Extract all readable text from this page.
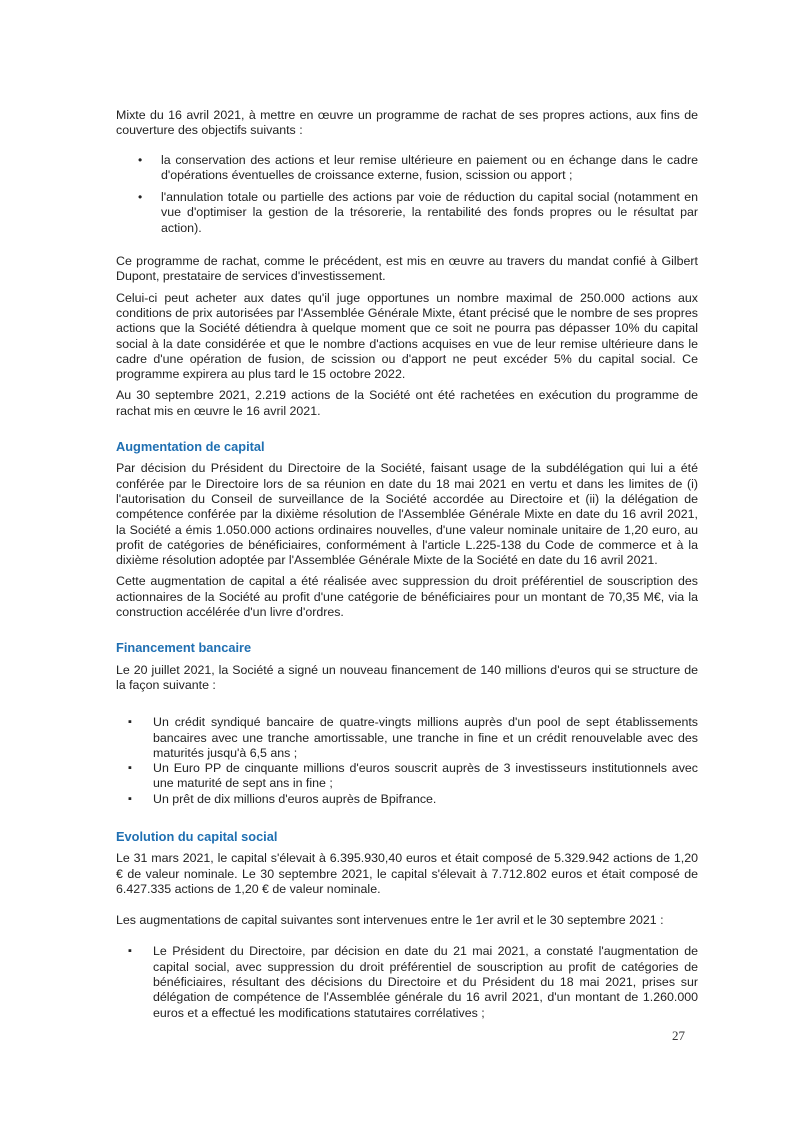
Mixte du 16 avril 2021, à mettre en œuvre un programme de rachat de ses propres actions, aux fins de couverture des objectifs suivants :

• la conservation des actions et leur remise ultérieure en paiement ou en échange dans le cadre d'opérations éventuelles de croissance externe, fusion, scission ou apport ;
• l'annulation totale ou partielle des actions par voie de réduction du capital social (notamment en vue d'optimiser la gestion de la trésorerie, la rentabilité des fonds propres ou le résultat par action).

Ce programme de rachat, comme le précédent, est mis en œuvre au travers du mandat confié à Gilbert Dupont, prestataire de services d'investissement.

Celui-ci peut acheter aux dates qu'il juge opportunes un nombre maximal de 250.000 actions aux conditions de prix autorisées par l'Assemblée Générale Mixte, étant précisé que le nombre de ses propres actions que la Société détiendra à quelque moment que ce soit ne pourra pas dépasser 10% du capital social à la date considérée et que le nombre d'actions acquises en vue de leur remise ultérieure dans le cadre d'une opération de fusion, de scission ou d'apport ne peut excéder 5% du capital social. Ce programme expirera au plus tard le 15 octobre 2022.

Au 30 septembre 2021, 2.219 actions de la Société ont été rachetées en exécution du programme de rachat mis en œuvre le 16 avril 2021.

Augmentation de capital

Par décision du Président du Directoire de la Société, faisant usage de la subdélégation qui lui a été conférée par le Directoire lors de sa réunion en date du 18 mai 2021 en vertu et dans les limites de (i) l'autorisation du Conseil de surveillance de la Société accordée au Directoire et (ii) la délégation de compétence conférée par la dixième résolution de l'Assemblée Générale Mixte en date du 16 avril 2021, la Société a émis 1.050.000 actions ordinaires nouvelles, d'une valeur nominale unitaire de 1,20 euro, au profit de catégories de bénéficiaires, conformément à l'article L.225-138 du Code de commerce et à la dixième résolution adoptée par l'Assemblée Générale Mixte de la Société en date du 16 avril 2021.

Cette augmentation de capital a été réalisée avec suppression du droit préférentiel de souscription des actionnaires de la Société au profit d'une catégorie de bénéficiaires pour un montant de 70,35 M€, via la construction accélérée d'un livre d'ordres.

Financement bancaire

Le 20 juillet 2021, la Société a signé un nouveau financement de 140 millions d'euros qui se structure de la façon suivante :

▪ Un crédit syndiqué bancaire de quatre-vingts millions auprès d'un pool de sept établissements bancaires avec une tranche amortissable, une tranche in fine et un crédit renouvelable avec des maturités jusqu'à 6,5 ans ;
▪ Un Euro PP de cinquante millions d'euros souscrit auprès de 3 investisseurs institutionnels avec une maturité de sept ans in fine ;
▪ Un prêt de dix millions d'euros auprès de Bpifrance.
Evolution du capital social

Le 31 mars 2021, le capital s'élevait à 6.395.930,40 euros et était composé de 5.329.942 actions de 1,20 € de valeur nominale. Le 30 septembre 2021, le capital s'élevait à 7.712.802 euros et était composé de 6.427.335 actions de 1,20 € de valeur nominale.

Les augmentations de capital suivantes sont intervenues entre le 1er avril et le 30 septembre 2021 :

▪ Le Président du Directoire, par décision en date du 21 mai 2021, a constaté l'augmentation de capital social, avec suppression du droit préférentiel de souscription au profit de catégories de bénéficiaires, résultant des décisions du Directoire et du Président du 18 mai 2021, prises sur délégation de compétence de l'Assemblée générale du 16 avril 2021, d'un montant de 1.260.000 euros et a effectué les modifications statutaires corrélatives ;
27
